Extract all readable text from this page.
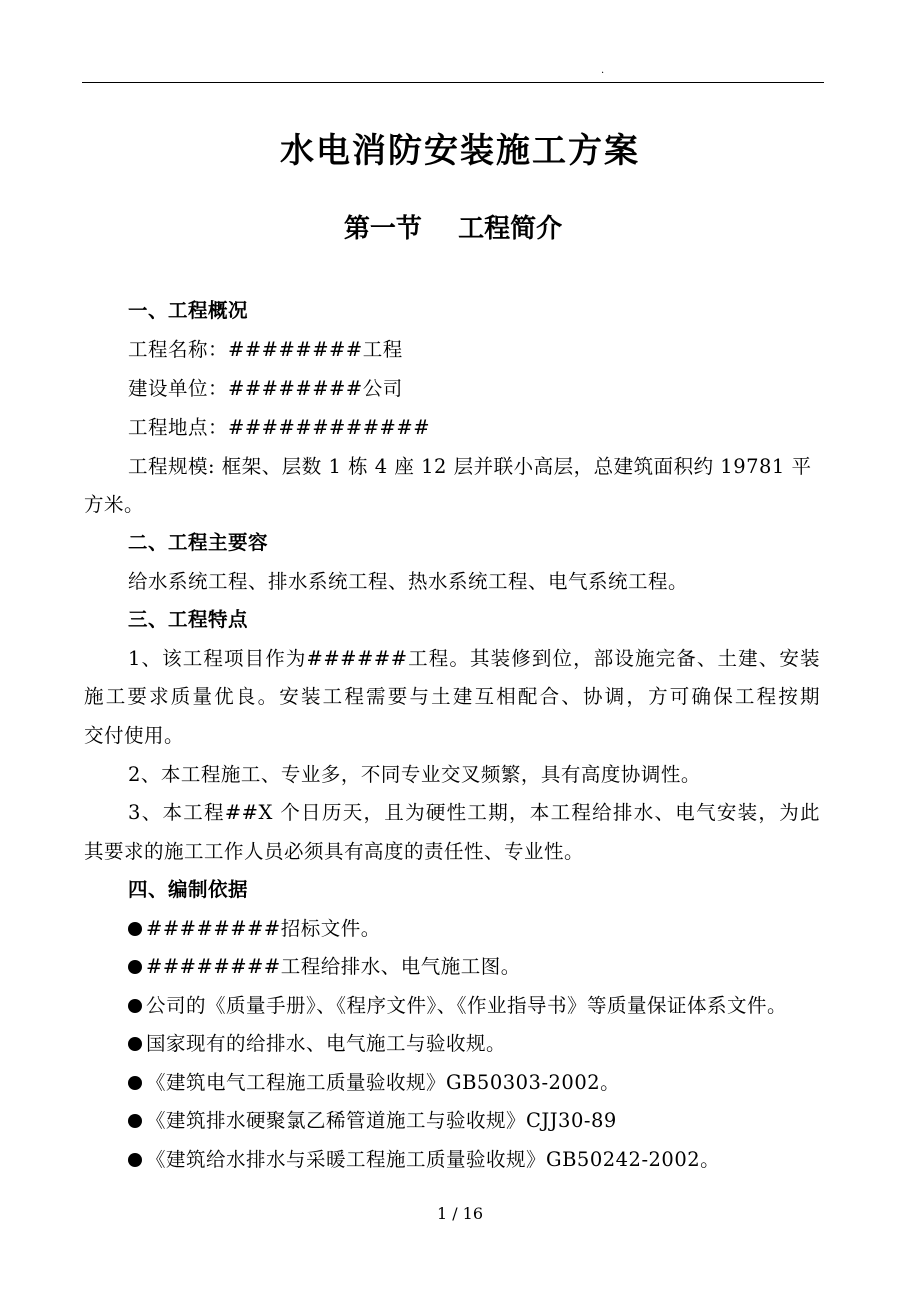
.
水电消防安装施工方案
第一节    工程简介
一、工程概况
工程名称：########工程
建设单位：########公司
工程地点：############
工程规模: 框架、层数 1 栋 4 座 12 层并联小高层，总建筑面积约 19781 平
方米。
二、工程主要容
给水系统工程、排水系统工程、热水系统工程、电气系统工程。
三、工程特点
1、该工程项目作为######工程。其装修到位，部设施完备、土建、安装
施工要求质量优良。安装工程需要与土建互相配合、协调，方可确保工程按期
交付使用。
2、本工程施工、专业多，不同专业交叉频繁，具有高度协调性。
3、本工程##X 个日历天，且为硬性工期，本工程给排水、电气安装，为此
其要求的施工工作人员必须具有高度的责任性、专业性。
四、编制依据
########招标文件。
########工程给排水、电气施工图。
公司的《质量手册》、《程序文件》、《作业指导书》等质量保证体系文件。
国家现有的给排水、电气施工与验收规。
《建筑电气工程施工质量验收规》GB50303-2002。
《建筑排水硬聚氯乙稀管道施工与验收规》CJJ30-89
《建筑给水排水与采暖工程施工质量验收规》GB50242-2002。
1 / 16
